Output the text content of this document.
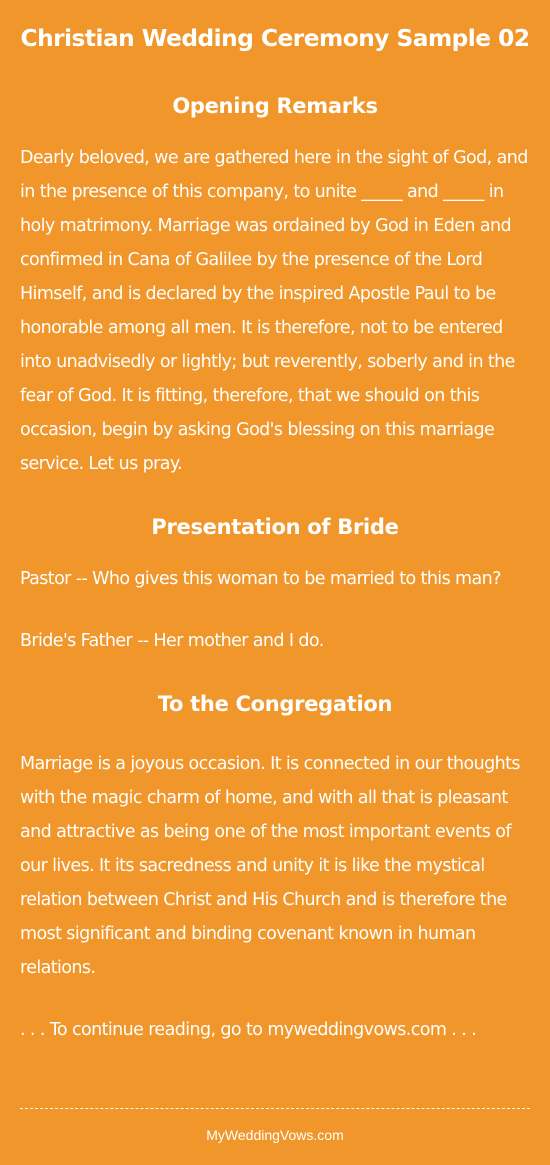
Christian Wedding Ceremony Sample 02
Opening Remarks

Dearly beloved, we are gathered here in the sight of God, and
in the presence of this company, to unite _____ and _____ in
holy matrimony. Marriage was ordained by God in Eden and
confirmed in Cana of Galilee by the presence of the Lord
Himself, and is declared by the inspired Apostle Paul to be
honorable among all men. It is therefore, not to be entered
into unadvisedly or lightly; but reverently, soberly and in the
fear of God. It is fitting, therefore, that we should on this
occasion, begin by asking God's blessing on this marriage
service. Let us pray.

Presentation of Bride

Pastor -- Who gives this woman to be married to this man?

Bride's Father -- Her mother and I do.

To the Congregation

Marriage is a joyous occasion. It is connected in our thoughts
with the magic charm of home, and with all that is pleasant
and attractive as being one of the most important events of
our lives. It its sacredness and unity it is like the mystical
relation between Christ and His Church and is therefore the
most significant and binding covenant known in human
relations.

. . . To continue reading, go to myweddingvows.com . . .

MyWeddingVows.com
